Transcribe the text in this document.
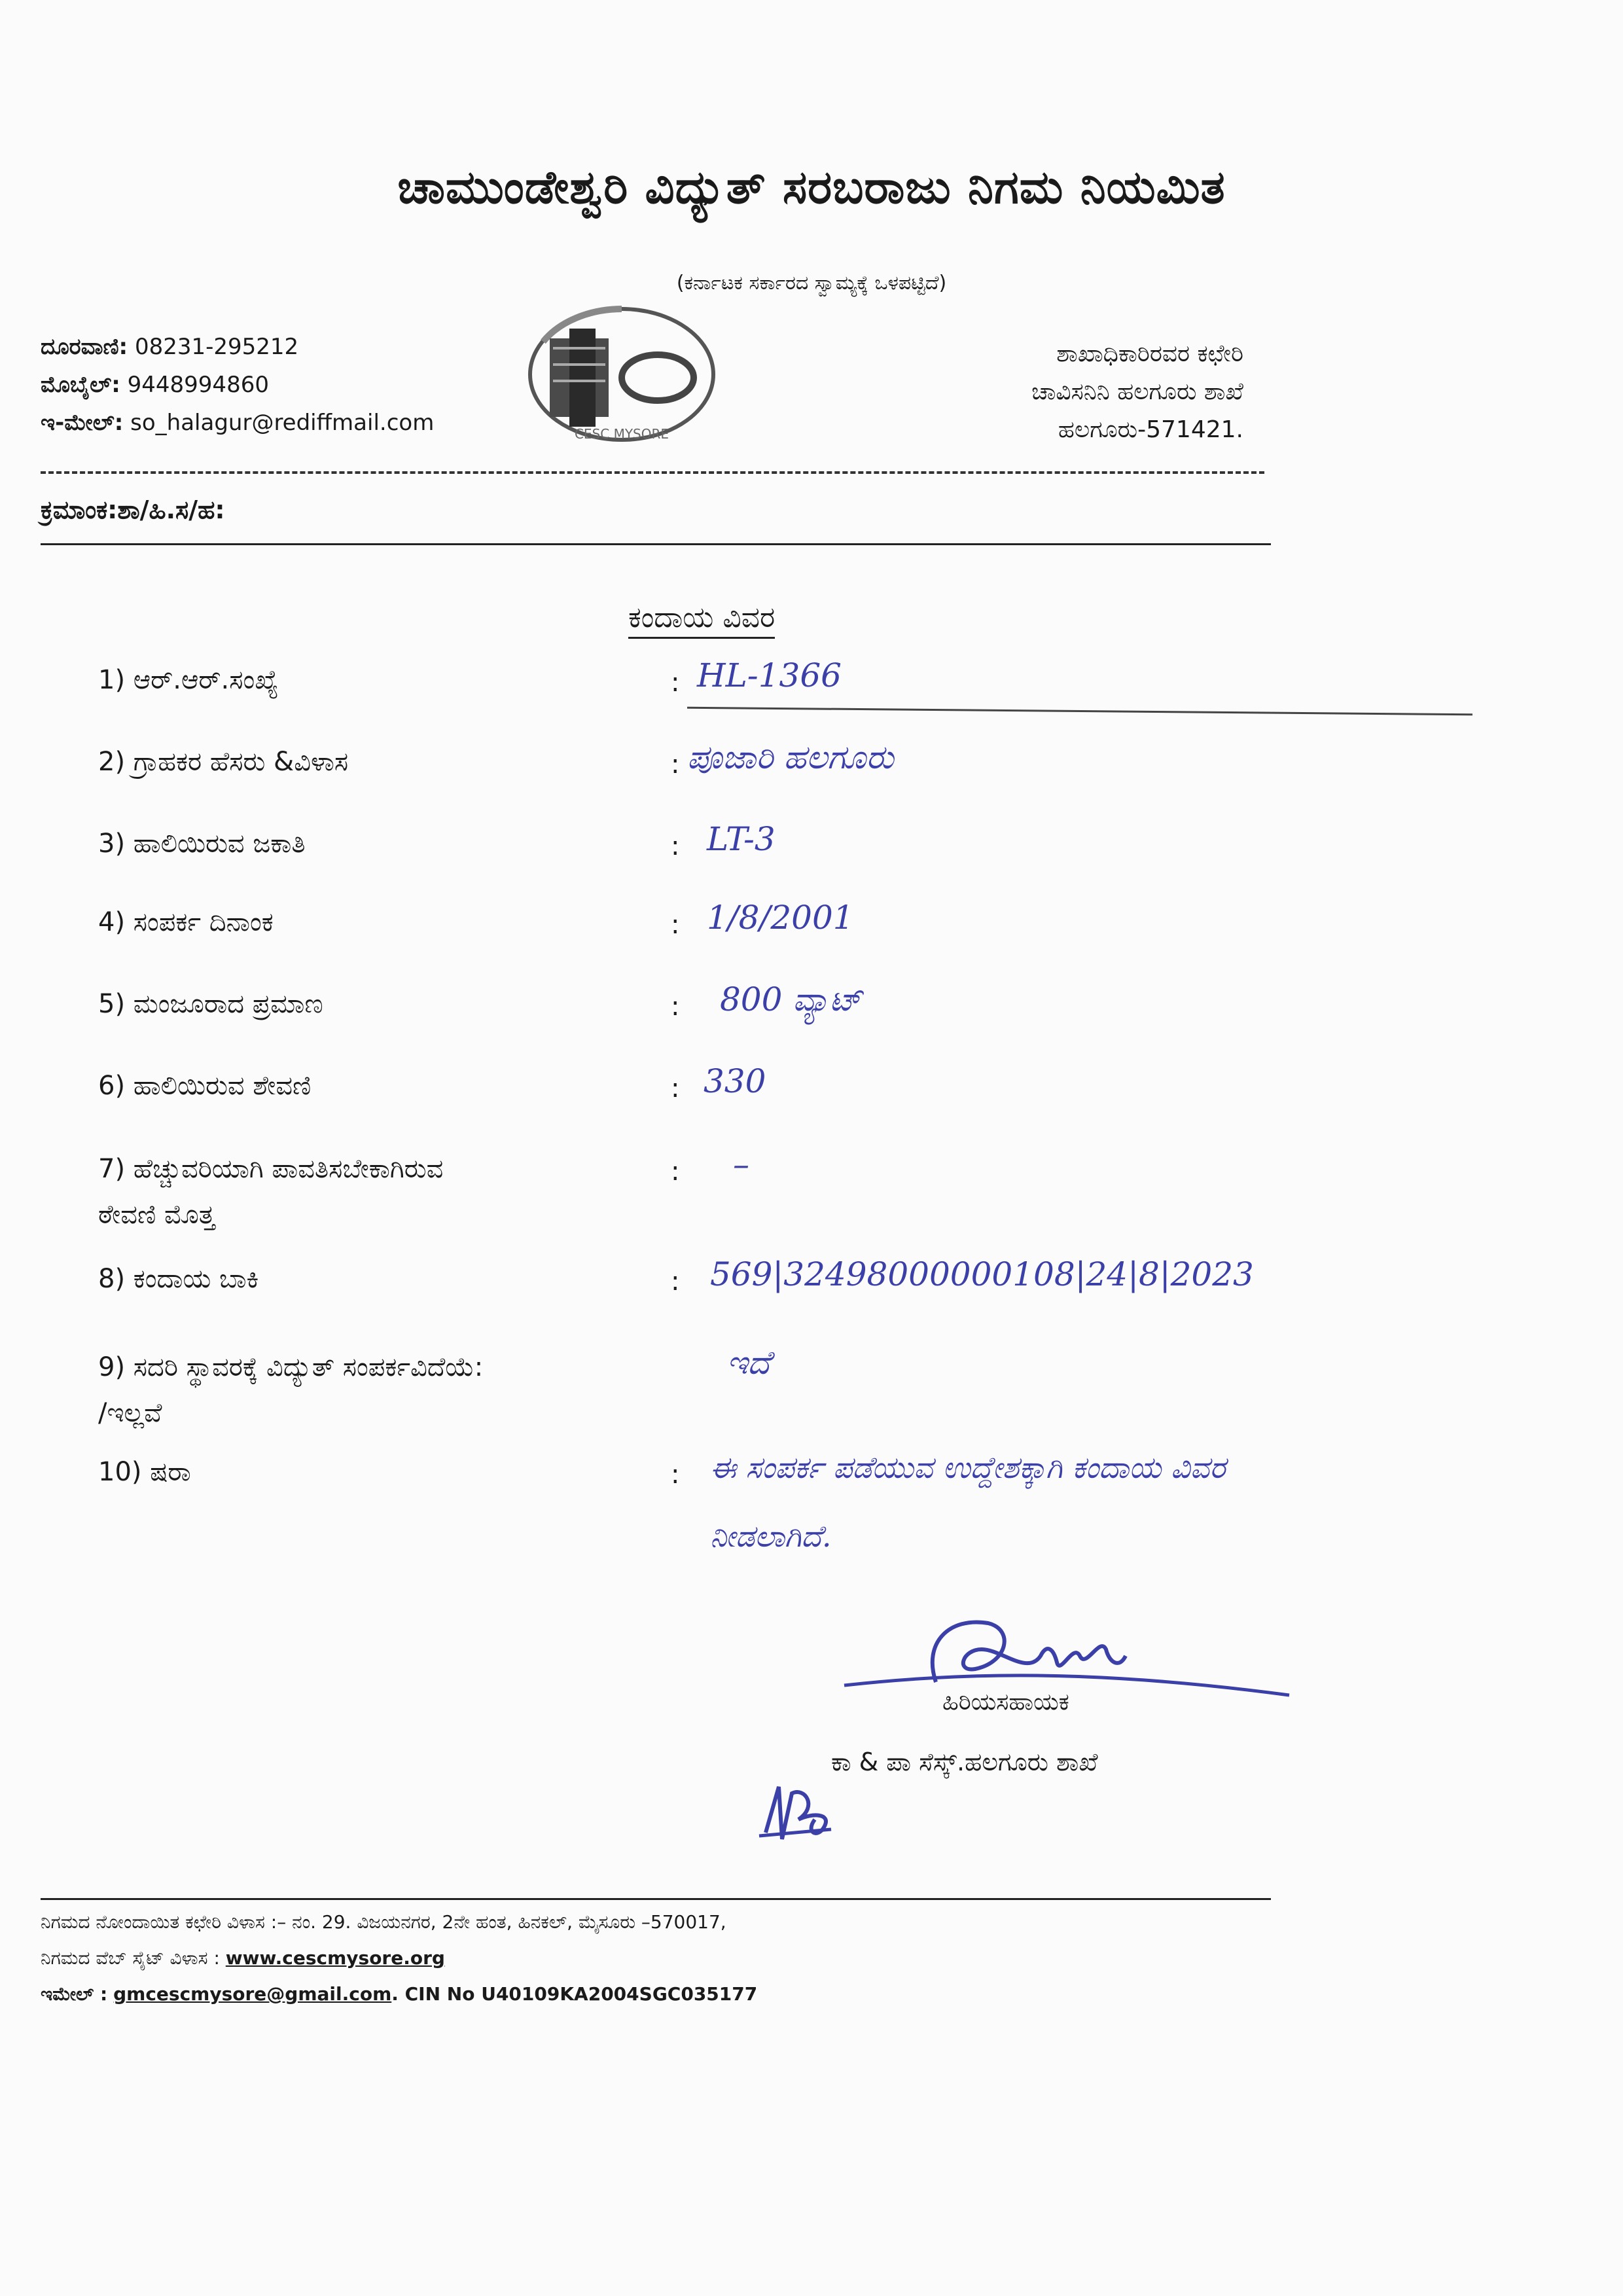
ಚಾಮುಂಡೇಶ್ವರಿ ವಿದ್ಯುತ್ ಸರಬರಾಜು ನಿಗಮ ನಿಯಮಿತ
(ಕರ್ನಾಟಕ ಸರ್ಕಾರದ ಸ್ವಾಮ್ಯಕ್ಕೆ ಒಳಪಟ್ಟಿದೆ)
ದೂರವಾಣಿ: 08231-295212
ಮೊಬೈಲ್: 9448994860
ಇ-ಮೇಲ್: so_halagur@rediffmail.com	CESC MYSORE
ಶಾಖಾಧಿಕಾರಿರವರ ಕಛೇರಿ
ಚಾವಿಸನಿನಿ ಹಲಗೂರು ಶಾಖೆ
ಹಲಗೂರು-571421.
ಕ್ರಮಾಂಕ:ಶಾ/ಹಿ.ಸ/ಹ:
ಕಂದಾಯ ವಿವರ
1) ಆರ್.ಆರ್.ಸಂಖ್ಯೆ	: HL-1366
2) ಗ್ರಾಹಕರ ಹೆಸರು &ವಿಳಾಸ	: ಪೂಜಾರಿ ಹಲಗೂರು
3) ಹಾಲಿಯಿರುವ ಜಕಾತಿ	: LT-3
4) ಸಂಪರ್ಕ ದಿನಾಂಕ	: 1/8/2001
5) ಮಂಜೂರಾದ ಪ್ರಮಾಣ	: 800 ವ್ಯಾಟ್
6) ಹಾಲಿಯಿರುವ ಶೇವಣಿ	: 330
7) ಹೆಚ್ಚುವರಿಯಾಗಿ ಪಾವತಿಸಬೇಕಾಗಿರುವ
ಠೇವಣಿ ಮೊತ್ತ
: –
8) ಕಂದಾಯ ಬಾಕಿ	: 569|32498000000108|24|8|2023
9) ಸದರಿ ಸ್ಥಾವರಕ್ಕೆ ವಿದ್ಯುತ್ ಸಂಪರ್ಕವಿದೆಯೆ:
/ಇಲ್ಲವೆ
ಇದೆ
10) ಷರಾ	: ಈ ಸಂಪರ್ಕ ಪಡೆಯುವ ಉದ್ದೇಶಕ್ಕಾಗಿ ಕಂದಾಯ ವಿವರ
ನೀಡಲಾಗಿದೆ.
ಹಿರಿಯಸಹಾಯಕ
ಕಾ & ಪಾ ಸೆಸ್ಕ್.ಹಲಗೂರು ಶಾಖೆ
ನಿಗಮದ ನೋಂದಾಯಿತ ಕಛೇರಿ ವಿಳಾಸ :– ನಂ. 29. ವಿಜಯನಗರ, 2ನೇ ಹಂತ, ಹಿನಕಲ್, ಮೈಸೂರು –570017,
ನಿಗಮದ ವೆಬ್ ಸೈಟ್ ವಿಳಾಸ : www.cescmysore.org
ಇಮೇಲ್ : gmcescmysore@gmail.com. CIN No U40109KA2004SGC035177
